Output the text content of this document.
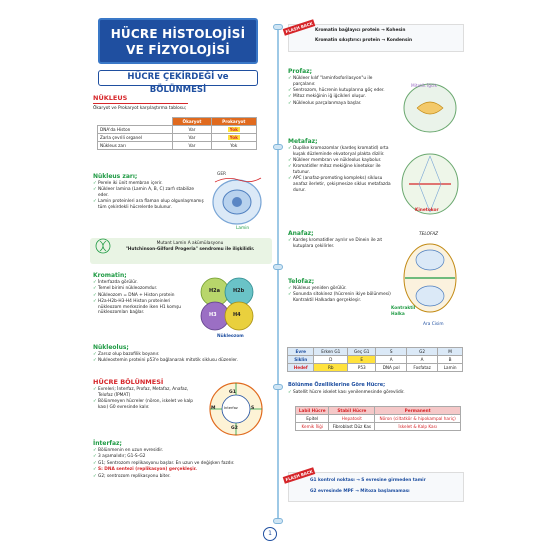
HÜCRE HİSTOLOJİSİ VE FİZYOLOJİSİ
HÜCRE ÇEKİRDEĞİ ve BÖLÜNMESİ
NÜKLEUS
Ökaryot ve Prokaryot karşılaştırma tablosu;
	Ökaryot	Prokaryot
DNA'da Histon	Var	Yok
Zarla çevrili organel	Var	Yok
Nükleus zarı	Var	Yok
Nükleus zarı;
✓ Perele iki ünit membran içerir.
✓ Nükleer lamina (Lamin A, B, C) zarfı stabilize eder.
✓ Lamin proteinleri ara flaman olup olgunlaşmamış tüm çekirdekli hücrelerde bulunur.
GER
Lamin
Mutant Lamin A akümülasyonu
"Hutchinson-Gilford Progeria" sendromu ile ilişkilidir.
Kromatin;
✓ İnterfazda görülür.
✓ Temel birimi nükleozomdur.
✓ Nükleozom = DNA + Histon protein
✓ H2a-H2b-H3-H4 Histon proteinleri nükleozom merkezinde iken H1 komşu nükleozomları bağlar.
H2a	H2b
H3	H4
Nükleozom
Nükleolus;
✓ Zarsız olup bazofilik boyanır.
✓ Nukleostemin proteini p53'e bağlanarak mitotik siklusu düzenler.
HÜCRE BÖLÜNMESİ
✓ Evreleri; İnterfaz, Profaz, Metafaz, Anafaz, Telofaz (İPMAT)
✓ Bölünmeyen hücreler (nöron, iskelet ve kalp kası) G0 evresinde kalır.
G1
S
G2
M Interfaz
İnterfaz;
✓ Bölünmenin en uzun evresidir.
✓ 3 aşamalıdır; G1-S-G2
✓ G1; Sentrozom replikasyonu başlar. En uzun ve değişken fazdır.
✓ S: DNA sentezi (replikasyon) gerçekleşir.
✓ G2; sentrozom replikasyonu biter.
FLASH BACK Kromatin bağlayıcı protein → Kohesin
Kromatin sıkıştırıcı protein → Kondensin
Profaz;
✓ Nükleer kılıf "laminfosforilasyon"u ile parçalanır.
✓ Sentrozom, hücrenin kutuplarına göç eder.
✓ Mitoz mekiğinin iğ iğcikleri oluşur.
✓ Nükleolus parçalanmaya başlar.
Mitotik İğcik
Metafaz;
✓ Duplike kromozomlar (kardeş kromatid) orta kuşak düzleminde ekvatoryal plakta dizilir.
✓ Nükleer membran ve nükleolus kaybolur.
✓ Kromatidler mitoz mekiğine kinetokor ile tutunur.
✓ APC (anafaz-promoting kompleks) siklusu anafaz ilerletir, çekişmesize siklus metafazda durur.
Kinetokor
Anafaz;
✓ Kardeş kromatidler ayrılır ve Dinein ile zıt kutuplara çekilirler.
TELOFAZ
Telofaz;
✓ Nükleus yeniden görülür.
✓ Sonunda sitokinez (hücrenin ikiye bölünmesi) Kontraktil Halkadan gerçekleşir.
Kontraktil Halka
Ara Cisim
Evre	Erken G1	Geç G1	S	G2	M
Siklin	D	E	A	A	B
Hedef	Rb	P53	DNA pol	Fosfataz	Lamin
Bölünme Özelliklerine Göre Hücre;
✓ Satellit hücre iskelet kası yenilenmesinde görevlidir.
Labil Hücre	Stabil Hücre	Permanent
Epitel	Hepatosit	Nöron (ciltatkör & hipokampal hariç)
Kemik İliği	Fibroblast Düz Kas	İskelet & Kalp Kası
FLASH BACK
G1 kontrol noktası → S evresine girmeden tamir
G2 evresinde MPF → Mitoza başlamaması
1
